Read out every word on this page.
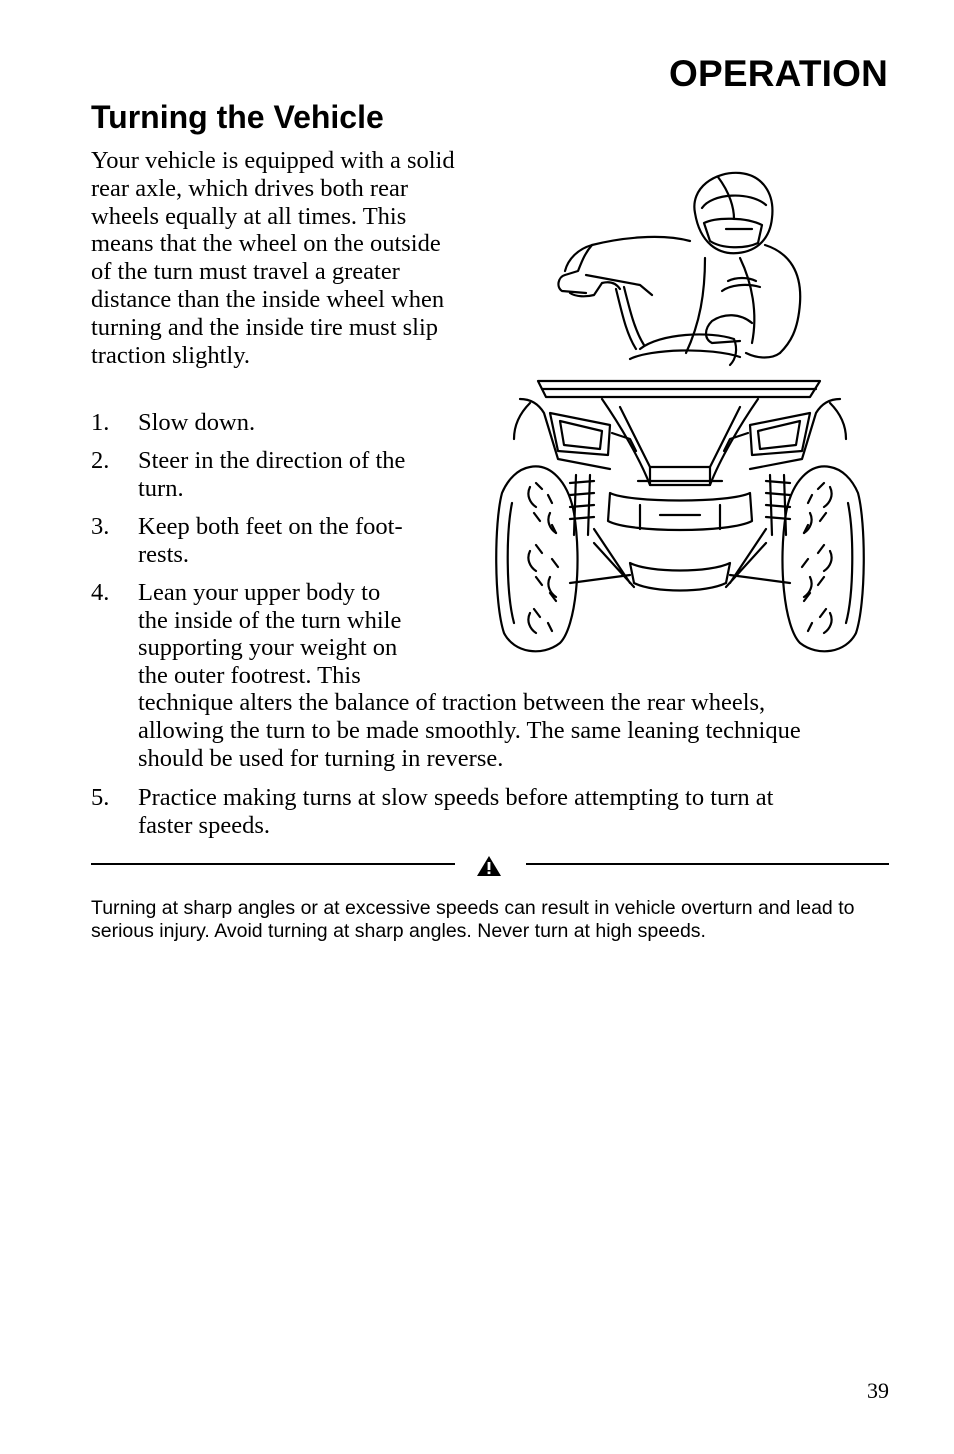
OPERATION
Turning the Vehicle

Your vehicle is equipped with a solid rear axle, which drives both rear wheels equally at all times. This means that the wheel on the outside of the turn must travel a greater distance than the inside wheel when turning and the inside tire must slip traction slightly.

1. Slow down.
2. Steer in the direction of the
turn.
3. Keep both feet on the foot-
rests.
4. Lean your upper body to
the inside of the turn while
supporting your weight on
the outer footrest. This
technique alters the balance of traction between the rear wheels,
allowing the turn to be made smoothly. The same leaning technique
should be used for turning in reverse.
5. Practice making turns at slow speeds before attempting to turn at
faster speeds.

Turning at sharp angles or at excessive speeds can result in vehicle overturn and lead to serious injury. Avoid turning at sharp angles. Never turn at high speeds.

39
